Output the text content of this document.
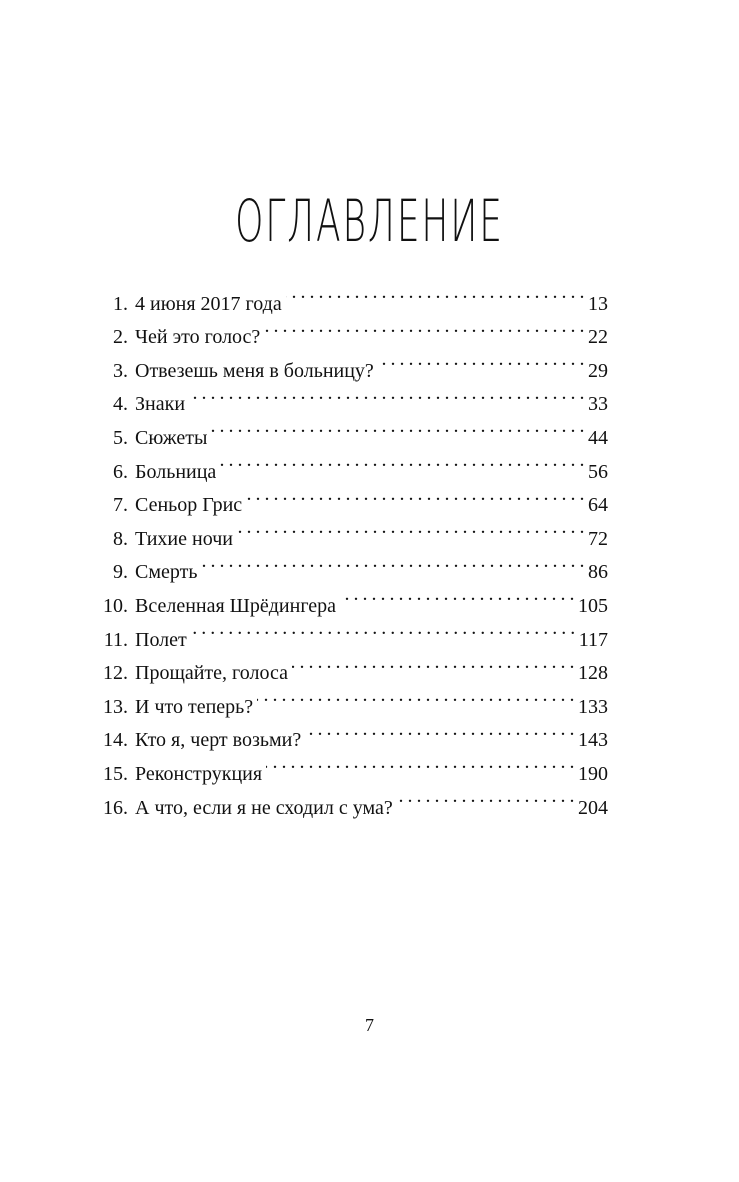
ОГЛАВЛЕНИЕ
1. 4 июня 2017 года . . .	13
2. Чей это голос? . . .	22
3. Отвезешь меня в больницу? . . .	29
4. Знаки . . .	33
5. Сюжеты . . .	44
6. Больница . . .	56
7. Сеньор Грис . . .	64
8. Тихие ночи . . .	72
9. Смерть . . .	86
10. Вселенная Шрёдингера . . .	105
11. Полет . . .	117
12. Прощайте, голоса . . .	128
13. И что теперь? . . .	133
14. Кто я, черт возьми? . . .	143
15. Реконструкция . . .	190
16. А что, если я не сходил с ума? . . .	204
7
